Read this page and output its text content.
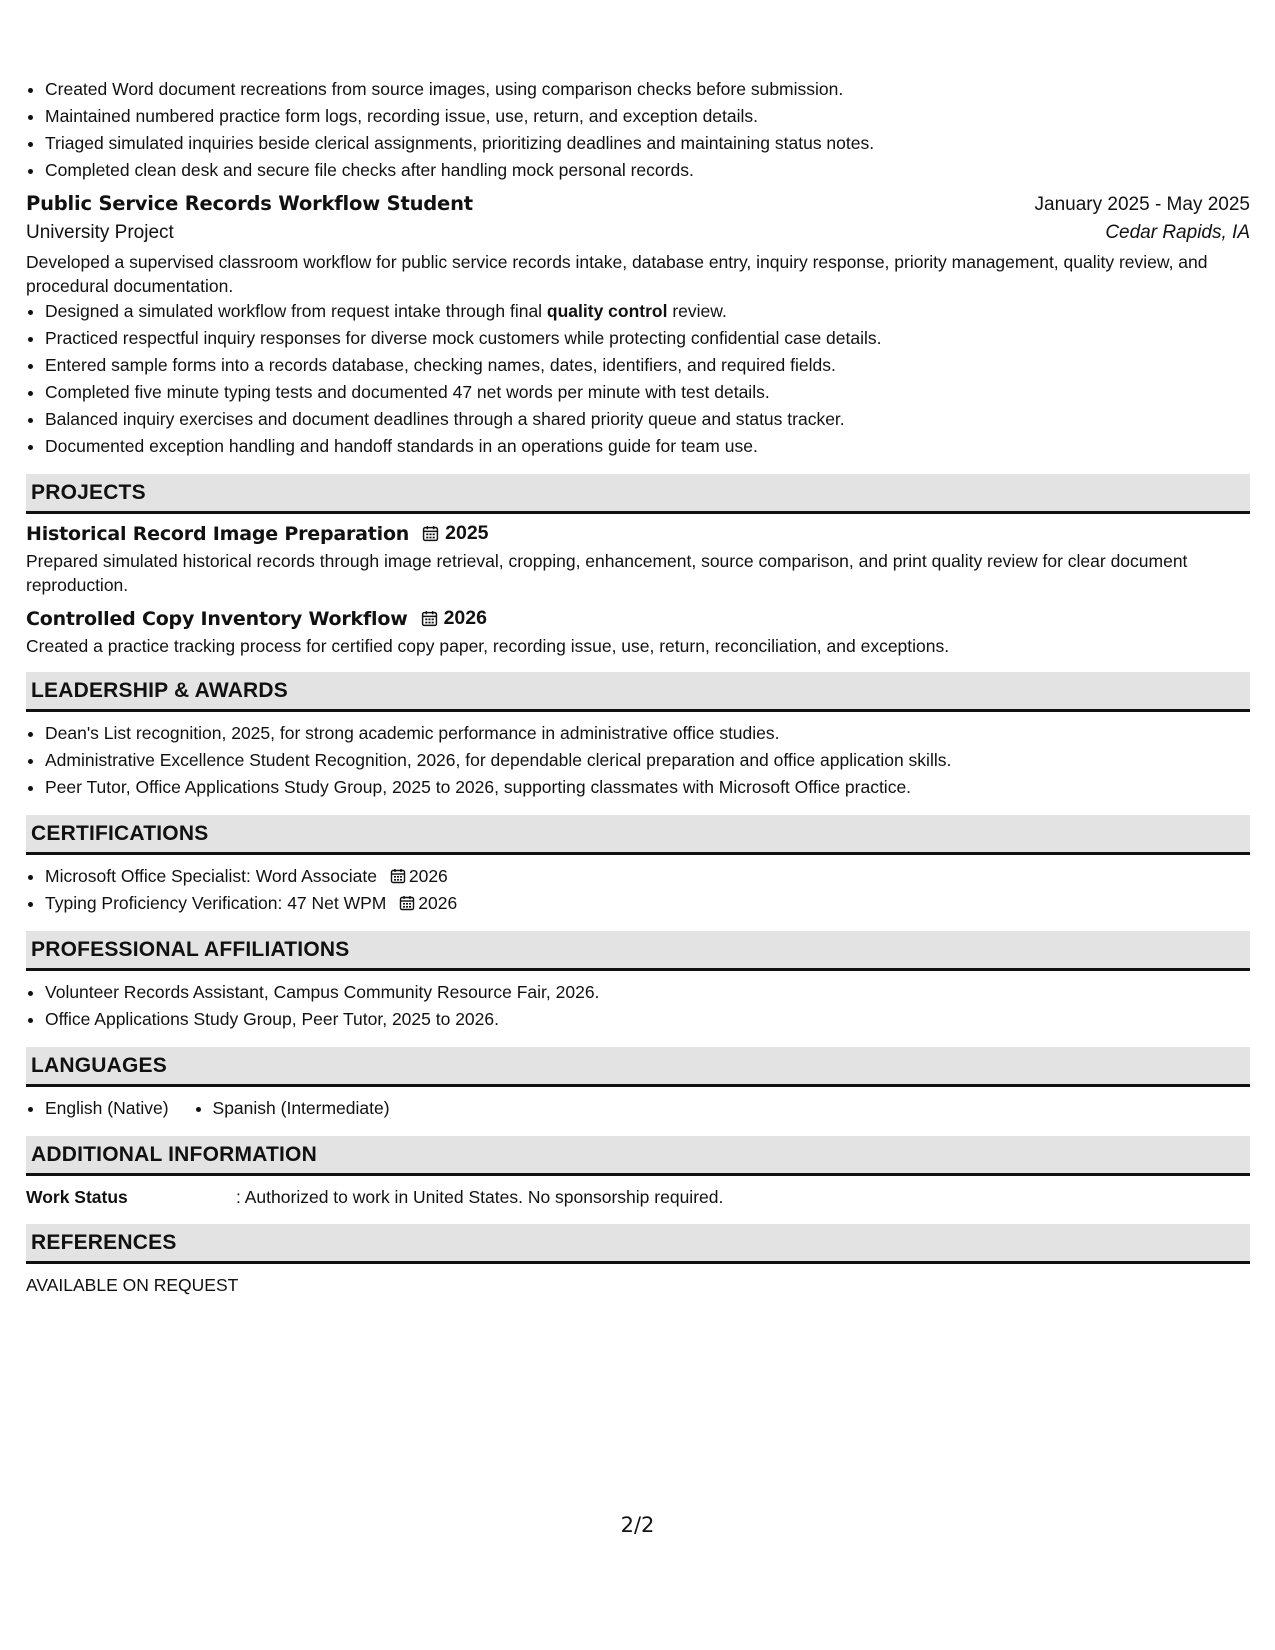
• Created Word document recreations from source images, using comparison checks before submission.
• Maintained numbered practice form logs, recording issue, use, return, and exception details.
• Triaged simulated inquiries beside clerical assignments, prioritizing deadlines and maintaining status notes.
• Completed clean desk and secure file checks after handling mock personal records.
Public Service Records Workflow Student	January 2025 - May 2025
University Project	Cedar Rapids, IA

Developed a supervised classroom workflow for public service records intake, database entry, inquiry response, priority management, quality review, and procedural documentation.

• Designed a simulated workflow from request intake through final quality control review.
• Practiced respectful inquiry responses for diverse mock customers while protecting confidential case details.
• Entered sample forms into a records database, checking names, dates, identifiers, and required fields.
• Completed five minute typing tests and documented 47 net words per minute with test details.
• Balanced inquiry exercises and document deadlines through a shared priority queue and status tracker.
• Documented exception handling and handoff standards in an operations guide for team use.
PROJECTS
Historical Record Image Preparation 2025

Prepared simulated historical records through image retrieval, cropping, enhancement, source comparison, and print quality review for clear document reproduction.

Controlled Copy Inventory Workflow 2026

Created a practice tracking process for certified copy paper, recording issue, use, return, reconciliation, and exceptions.

LEADERSHIP & AWARDS
• Dean's List recognition, 2025, for strong academic performance in administrative office studies.
• Administrative Excellence Student Recognition, 2026, for dependable clerical preparation and office application skills.
• Peer Tutor, Office Applications Study Group, 2025 to 2026, supporting classmates with Microsoft Office practice.
CERTIFICATIONS
• Microsoft Office Specialist: Word Associate 2026
• Typing Proficiency Verification: 47 Net WPM 2026
PROFESSIONAL AFFILIATIONS
• Volunteer Records Assistant, Campus Community Resource Fair, 2026.
• Office Applications Study Group, Peer Tutor, 2025 to 2026.
LANGUAGES
• English (Native)
•	Spanish (Intermediate)
ADDITIONAL INFORMATION
Work Status	: Authorized to work in United States. No sponsorship required.
REFERENCES
AVAILABLE ON REQUEST
2/2
